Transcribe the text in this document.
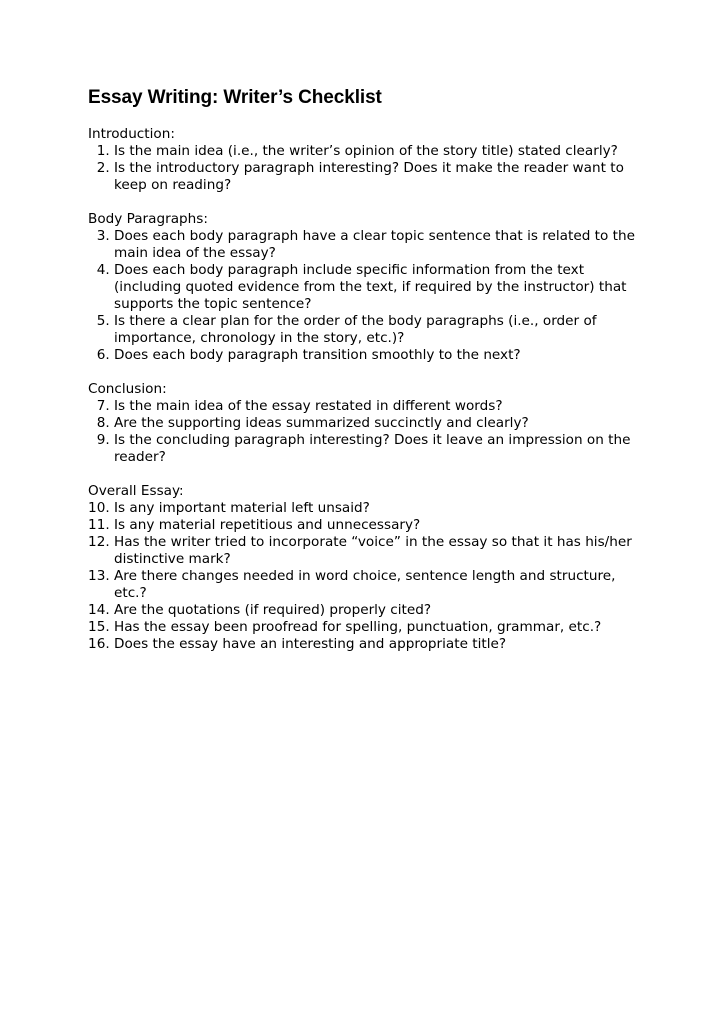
Essay Writing: Writer’s Checklist
Introduction:
1. Is the main idea (i.e., the writer’s opinion of the story title) stated clearly?
2. Is the introductory paragraph interesting? Does it make the reader want to keep on reading?
Body Paragraphs:
3. Does each body paragraph have a clear topic sentence that is related to the main idea of the essay?
4. Does each body paragraph include specific information from the text (including quoted evidence from the text, if required by the instructor) that supports the topic sentence?
5. Is there a clear plan for the order of the body paragraphs (i.e., order of importance, chronology in the story, etc.)?
6. Does each body paragraph transition smoothly to the next?
Conclusion:
7. Is the main idea of the essay restated in different words?
8. Are the supporting ideas summarized succinctly and clearly?
9. Is the concluding paragraph interesting? Does it leave an impression on the reader?
Overall Essay:
10. Is any important material left unsaid?
11. Is any material repetitious and unnecessary?
12. Has the writer tried to incorporate “voice” in the essay so that it has his/her distinctive mark?
13. Are there changes needed in word choice, sentence length and structure, etc.?
14. Are the quotations (if required) properly cited?
15. Has the essay been proofread for spelling, punctuation, grammar, etc.?
16. Does the essay have an interesting and appropriate title?
